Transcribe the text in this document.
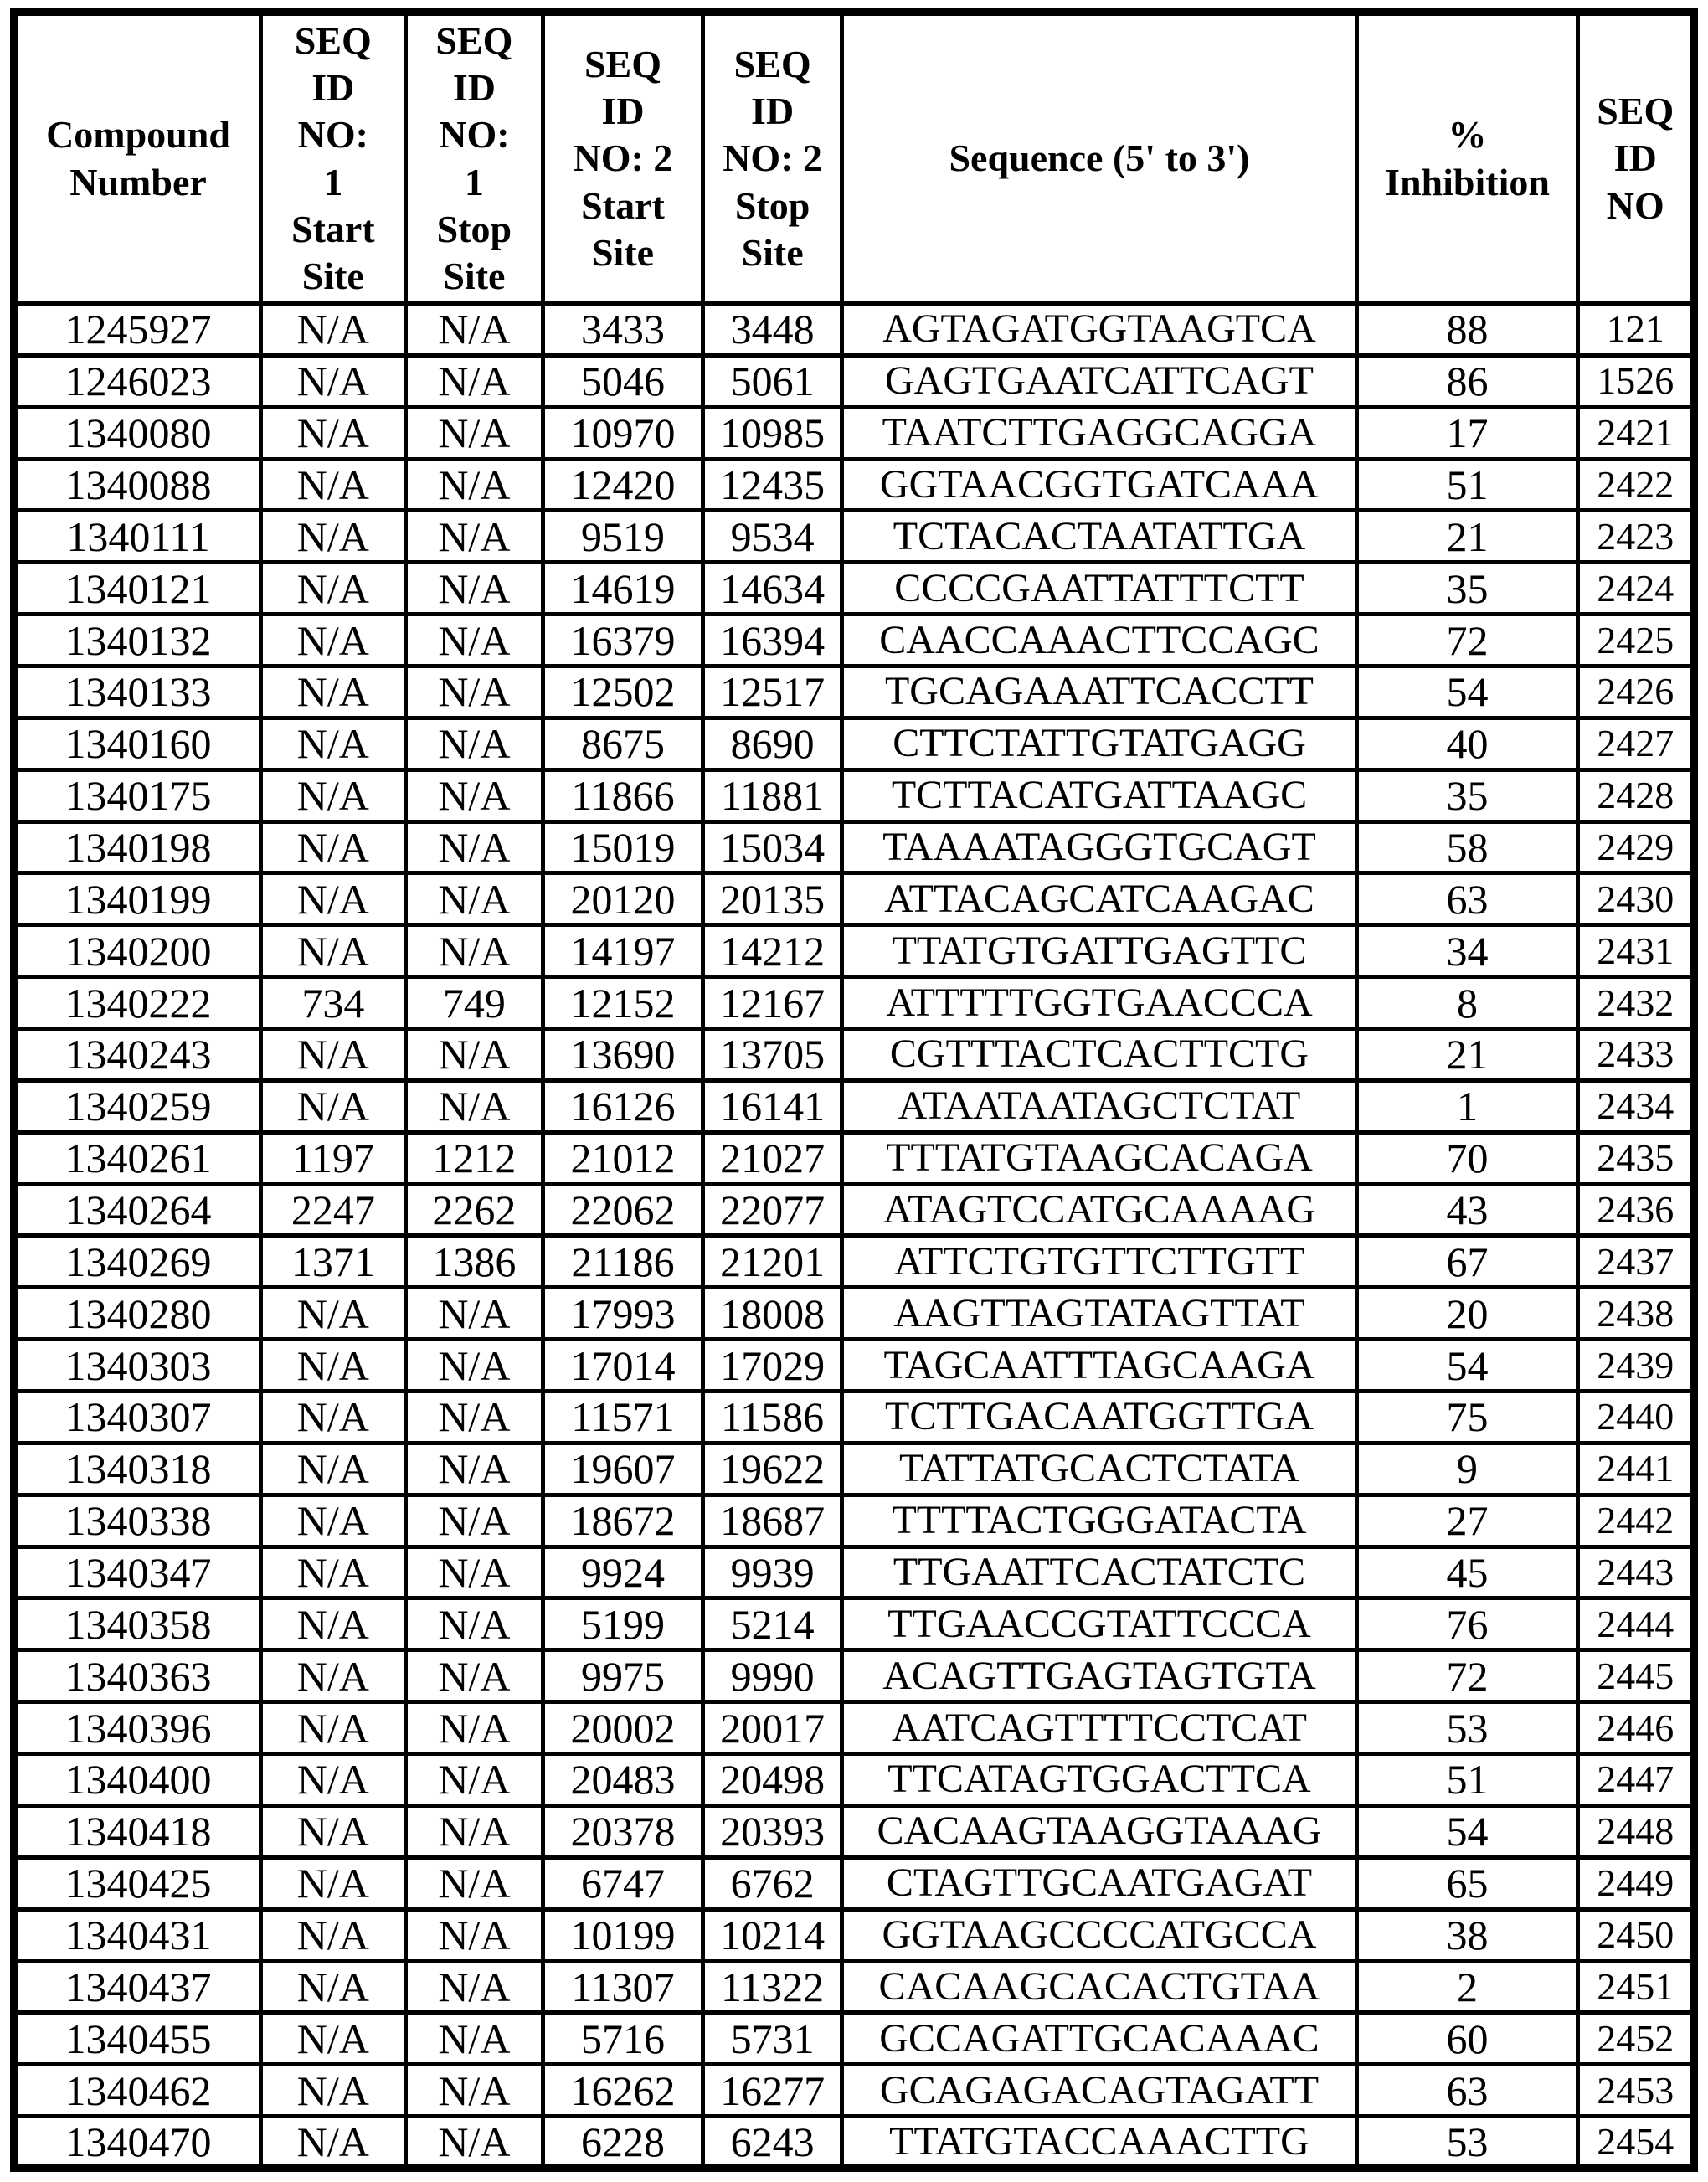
Compound
Number	SEQ
ID
NO:
1
Start
Site	SEQ
ID
NO:
1
Stop
Site	SEQ
ID
NO: 2
Start
Site	SEQ
ID
NO: 2
Stop
Site	Sequence (5' to 3')	%
Inhibition	SEQ
ID
NO
1245927	N/A	N/A	3433	3448	AGTAGATGGTAAGTCA	88	121
1246023	N/A	N/A	5046	5061	GAGTGAATCATTCAGT	86	1526
1340080	N/A	N/A	10970	10985	TAATCTTGAGGCAGGA	17	2421
1340088	N/A	N/A	12420	12435	GGTAACGGTGATCAAA	51	2422
1340111	N/A	N/A	9519	9534	TCTACACTAATATTGA	21	2423
1340121	N/A	N/A	14619	14634	CCCCGAATTATTTCTT	35	2424
1340132	N/A	N/A	16379	16394	CAACCAAACTTCCAGC	72	2425
1340133	N/A	N/A	12502	12517	TGCAGAAATTCACCTT	54	2426
1340160	N/A	N/A	8675	8690	CTTCTATTGTATGAGG	40	2427
1340175	N/A	N/A	11866	11881	TCTTACATGATTAAGC	35	2428
1340198	N/A	N/A	15019	15034	TAAAATAGGGTGCAGT	58	2429
1340199	N/A	N/A	20120	20135	ATTACAGCATCAAGAC	63	2430
1340200	N/A	N/A	14197	14212	TTATGTGATTGAGTTC	34	2431
1340222	734	749	12152	12167	ATTTTTGGTGAACCCA	8	2432
1340243	N/A	N/A	13690	13705	CGTTTACTCACTTCTG	21	2433
1340259	N/A	N/A	16126	16141	ATAATAATAGCTCTAT	1	2434
1340261	1197	1212	21012	21027	TTTATGTAAGCACAGA	70	2435
1340264	2247	2262	22062	22077	ATAGTCCATGCAAAAG	43	2436
1340269	1371	1386	21186	21201	ATTCTGTGTTCTTGTT	67	2437
1340280	N/A	N/A	17993	18008	AAGTTAGTATAGTTAT	20	2438
1340303	N/A	N/A	17014	17029	TAGCAATTTAGCAAGA	54	2439
1340307	N/A	N/A	11571	11586	TCTTGACAATGGTTGA	75	2440
1340318	N/A	N/A	19607	19622	TATTATGCACTCTATA	9	2441
1340338	N/A	N/A	18672	18687	TTTTACTGGGATACTA	27	2442
1340347	N/A	N/A	9924	9939	TTGAATTCACTATCTC	45	2443
1340358	N/A	N/A	5199	5214	TTGAACCGTATTCCCA	76	2444
1340363	N/A	N/A	9975	9990	ACAGTTGAGTAGTGTA	72	2445
1340396	N/A	N/A	20002	20017	AATCAGTTTTCCTCAT	53	2446
1340400	N/A	N/A	20483	20498	TTCATAGTGGACTTCA	51	2447
1340418	N/A	N/A	20378	20393	CACAAGTAAGGTAAAG	54	2448
1340425	N/A	N/A	6747	6762	CTAGTTGCAATGAGAT	65	2449
1340431	N/A	N/A	10199	10214	GGTAAGCCCCATGCCA	38	2450
1340437	N/A	N/A	11307	11322	CACAAGCACACTGTAA	2	2451
1340455	N/A	N/A	5716	5731	GCCAGATTGCACAAAC	60	2452
1340462	N/A	N/A	16262	16277	GCAGAGACAGTAGATT	63	2453
1340470	N/A	N/A	6228	6243	TTATGTACCAAACTTG	53	2454
